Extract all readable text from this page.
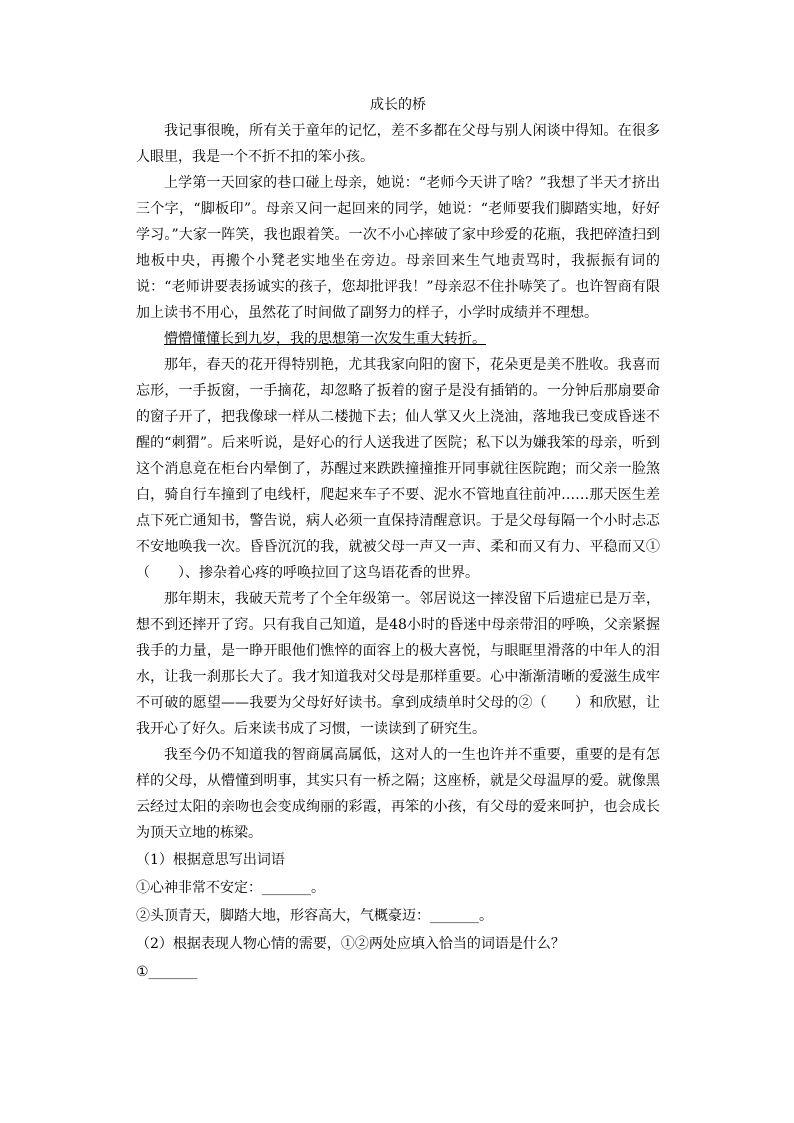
成长的桥

我记事很晚，所有关于童年的记忆，差不多都在父母与别人闲谈中得知。在很多人眼里，我是一个不折不扣的笨小孩。

上学第一天回家的巷口碰上母亲，她说：“老师今天讲了啥？”我想了半天才挤出三个字，“脚板印”。母亲又问一起回来的同学，她说：“老师要我们脚踏实地，好好学习。”大家一阵笑，我也跟着笑。一次不小心摔破了家中珍爱的花瓶，我把碎渣扫到地板中央，再搬个小凳老实地坐在旁边。母亲回来生气地责骂时，我振振有词的说：“老师讲要表扬诚实的孩子，您却批评我！”母亲忍不住扑哧笑了。也许智商有限加上读书不用心，虽然花了时间做了副努力的样子，小学时成绩并不理想。

懵懵懂懂长到九岁，我的思想第一次发生重大转折。

那年，春天的花开得特别艳，尤其我家向阳的窗下，花朵更是美不胜收。我喜而忘形，一手扳窗，一手摘花，却忽略了扳着的窗子是没有插销的。一分钟后那扇要命的窗子开了，把我像球一样从二楼抛下去；仙人掌又火上浇油，落地我已变成昏迷不醒的“刺猬”。后来听说，是好心的行人送我进了医院；私下以为嫌我笨的母亲，听到这个消息竟在柜台内晕倒了，苏醒过来跌跌撞撞推开同事就往医院跑；而父亲一脸煞白，骑自行车撞到了电线杆，爬起来车子不要、泥水不管地直往前冲……那天医生差点下死亡通知书，警告说，病人必须一直保持清醒意识。于是父母每隔一个小时忐忑不安地唤我一次。昏昏沉沉的我，就被父母一声又一声、柔和而又有力、平稳而又①（　　）、掺杂着心疼的呼唤拉回了这鸟语花香的世界。

那年期末，我破天荒考了个全年级第一。邻居说这一摔没留下后遗症已是万幸，想不到还摔开了窍。只有我自己知道，是48小时的昏迷中母亲带泪的呼唤，父亲紧握我手的力量，是一睁开眼他们憔悴的面容上的极大喜悦，与眼眶里滑落的中年人的泪水，让我一刹那长大了。我才知道我对父母是那样重要。心中渐渐清晰的爱滋生成牢不可破的愿望——我要为父母好好读书。拿到成绩单时父母的②（　　）和欣慰，让我开心了好久。后来读书成了习惯，一读读到了研究生。

我至今仍不知道我的智商属高属低，这对人的一生也许并不重要，重要的是有怎样的父母，从懵懂到明事，其实只有一桥之隔；这座桥，就是父母温厚的爱。就像黑云经过太阳的亲吻也会变成绚丽的彩霞，再笨的小孩，有父母的爱来呵护，也会成长为顶天立地的栋梁。

（1）根据意思写出词语

①心神非常不安定：_______。

②头顶青天，脚踏大地，形容高大，气概豪迈：_______。

（2）根据表现人物心情的需要，①②两处应填入恰当的词语是什么？

①_______
